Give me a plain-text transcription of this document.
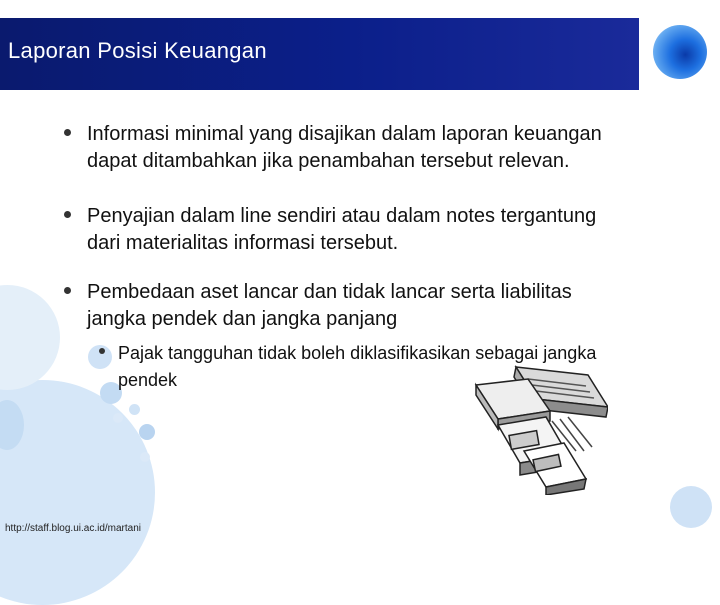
Laporan Posisi Keuangan
Informasi minimal yang disajikan dalam laporan keuangan dapat ditambahkan jika penambahan tersebut relevan.
Penyajian dalam line sendiri atau dalam notes tergantung dari materialitas informasi tersebut.
Pembedaan aset lancar dan tidak lancar serta liabilitas jangka pendek dan jangka panjang
Pajak tangguhan tidak boleh diklasifikasikan sebagai jangka pendek
http://staff.blog.ui.ac.id/martani
